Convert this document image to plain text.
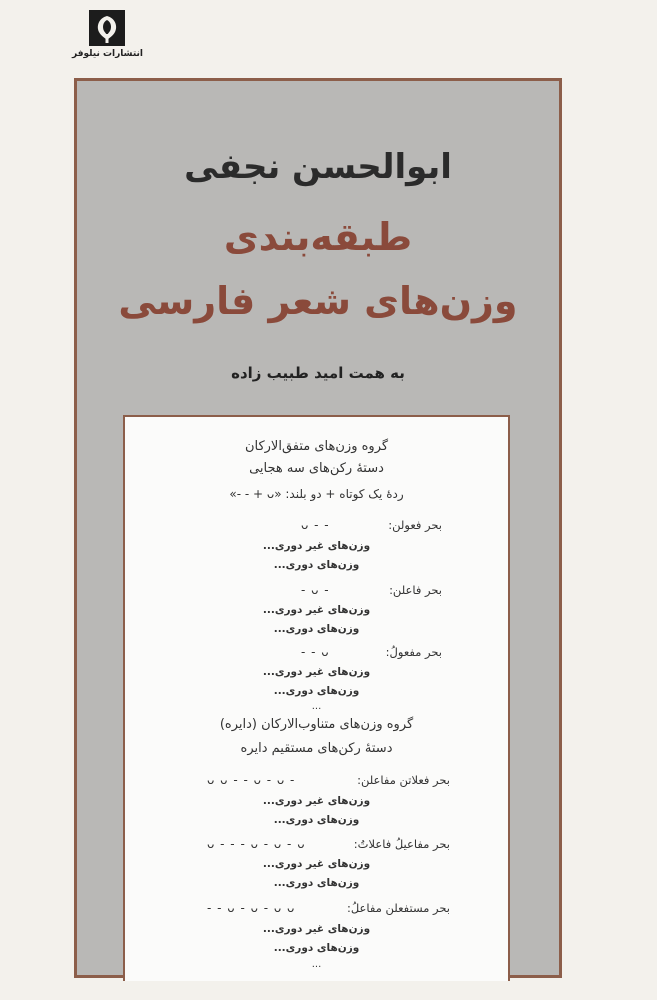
انتشارات نیلوفر
ابوالحسن نجفی
طبقه‌بندی
وزن‌های شعر فارسی
به همت امید طبیب زاده
گروه وزن‌های متفق‌الارکان
دستهٔ رکن‌های سه هجایی
ردهٔ یک کوتاه + دو بلند: «ᴗ + - -»
بحر فعولن:
ᴗ - -
وزن‌های غیر دوری...
وزن‌های دوری...
بحر فاعلن:
- ᴗ -
وزن‌های غیر دوری...
وزن‌های دوری...
بحر مفعولُ:
- - ᴗ
وزن‌های غیر دوری...
وزن‌های دوری...
...
گروه وزن‌های متناوب‌الارکان (دایره)
دستهٔ رکن‌های مستقیم دایره
بحر فعلاتن مفاعلن:
ᴗ ᴗ - - ᴗ - ᴗ -
وزن‌های غیر دوری...
وزن‌های دوری...
بحر مفاعیلُ فاعلاتُ:
ᴗ - - - ᴗ - ᴗ - ᴗ
وزن‌های غیر دوری...
وزن‌های دوری...
بحر مستفعلن مفاعلُ:
- - ᴗ - ᴗ - ᴗ ᴗ
وزن‌های غیر دوری...
وزن‌های دوری...
...
